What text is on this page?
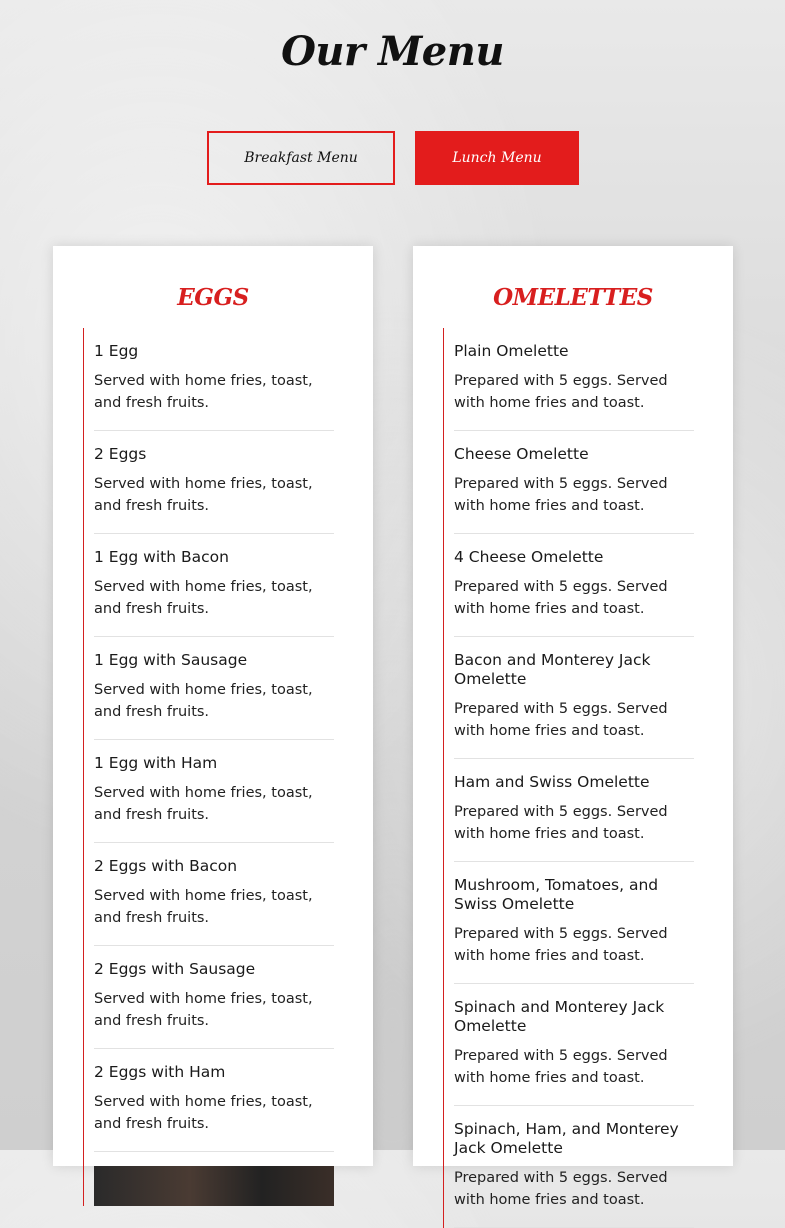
Our Menu
Breakfast Menu	Lunch Menu
EGGS
1 Egg
Served with home fries, toast, and fresh fruits.
2 Eggs
Served with home fries, toast, and fresh fruits.
1 Egg with Bacon
Served with home fries, toast, and fresh fruits.
1 Egg with Sausage
Served with home fries, toast, and fresh fruits.
1 Egg with Ham
Served with home fries, toast, and fresh fruits.
2 Eggs with Bacon
Served with home fries, toast, and fresh fruits.
2 Eggs with Sausage
Served with home fries, toast, and fresh fruits.
2 Eggs with Ham
Served with home fries, toast, and fresh fruits.
OMELETTES
Plain Omelette
Prepared with 5 eggs. Served with home fries and toast.
Cheese Omelette
Prepared with 5 eggs. Served with home fries and toast.
4 Cheese Omelette
Prepared with 5 eggs. Served with home fries and toast.
Bacon and Monterey Jack Omelette
Prepared with 5 eggs. Served with home fries and toast.
Ham and Swiss Omelette
Prepared with 5 eggs. Served with home fries and toast.
Mushroom, Tomatoes, and Swiss Omelette
Prepared with 5 eggs. Served with home fries and toast.
Spinach and Monterey Jack Omelette
Prepared with 5 eggs. Served with home fries and toast.
Spinach, Ham, and Monterey Jack Omelette
Prepared with 5 eggs. Served with home fries and toast.
